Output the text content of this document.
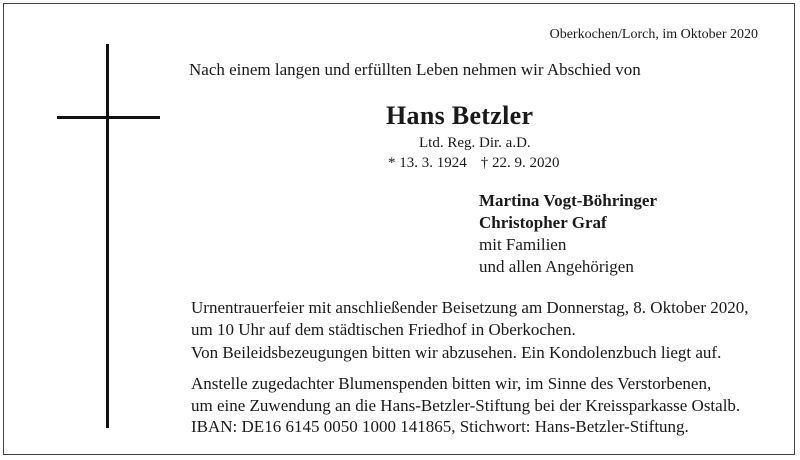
Oberkochen/Lorch, im Oktober 2020
Nach einem langen und erfüllten Leben nehmen wir Abschied von
Hans Betzler
Ltd. Reg. Dir. a.D.
* 13. 3. 1924 † 22. 9. 2020
Martina Vogt-Böhringer
Christopher Graf
mit Familien
und allen Angehörigen
Urnentrauerfeier mit anschließender Beisetzung am Donnerstag, 8. Oktober 2020,
um 10 Uhr auf dem städtischen Friedhof in Oberkochen.
Von Beileidsbezeugungen bitten wir abzusehen. Ein Kondolenzbuch liegt auf.
Anstelle zugedachter Blumenspenden bitten wir, im Sinne des Verstorbenen,
um eine Zuwendung an die Hans-Betzler-Stiftung bei der Kreissparkasse Ostalb.
IBAN: DE16 6145 0050 1000 141865, Stichwort: Hans-Betzler-Stiftung.
